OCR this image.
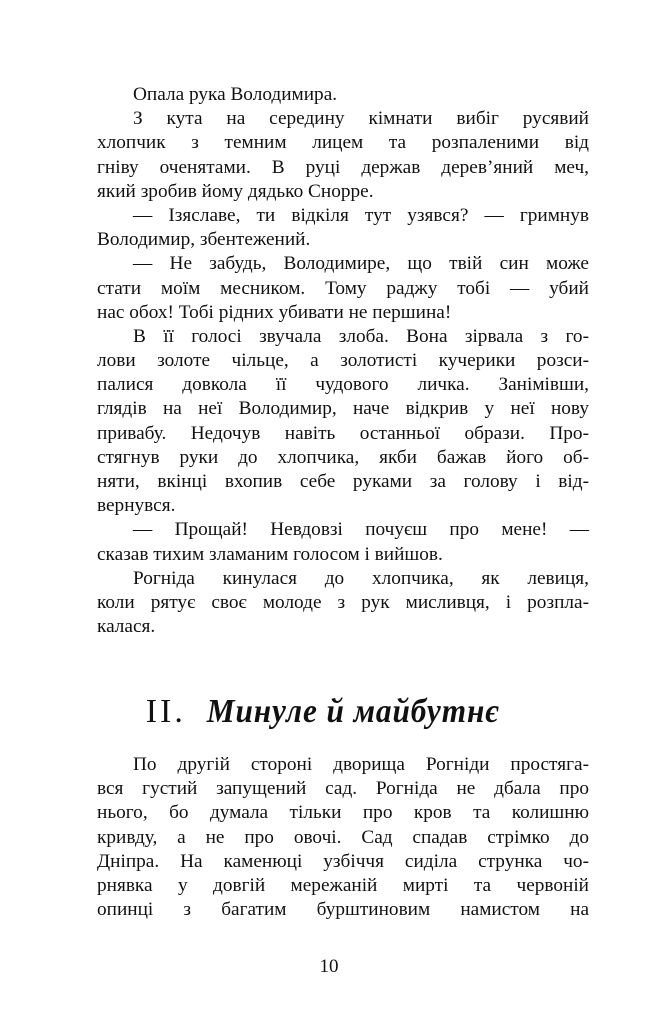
Опала рука Володимира.
З кута на середину кімнати вибіг русявий
хлопчик з темним лицем та розпаленими від
гніву оченятами. В руці держав дерев’яний меч,
який зробив йому дядько Снорре.
— Ізяславе, ти відкіля тут узявся? — гримнув
Володимир, збентежений.
— Не забудь, Володимире, що твій син може
стати моїм месником. Тому раджу тобі — убий
нас обох! Тобі рідних убивати не першина!
В її голосі звучала злоба. Вона зірвала з го-
лови золоте чільце, а золотисті кучерики розси-
палися довкола її чудового личка. Занімівши,
глядів на неї Володимир, наче відкрив у неї нову
привабу. Недочув навіть останньої образи. Про-
стягнув руки до хлопчика, якби бажав його об-
няти, вкінці вхопив себе руками за голову і від-
вернувся.
— Прощай! Невдовзі почуєш про мене! —
сказав тихим зламаним голосом і вийшов.
Рогніда кинулася до хлопчика, як левиця,
коли рятує своє молоде з рук мисливця, і розпла-
калася.
ІІ. Минуле й майбутнє
По другій стороні дворища Рогніди простяга-
вся густий запущений сад. Рогніда не дбала про
нього, бо думала тільки про кров та колишню
кривду, а не про овочі. Сад спадав стрімко до
Дніпра. На каменюці узбіччя сиділа струнка чо-
рнявка у довгій мережаній мирті та червоній
опинці з багатим бурштиновим намистом на
10
